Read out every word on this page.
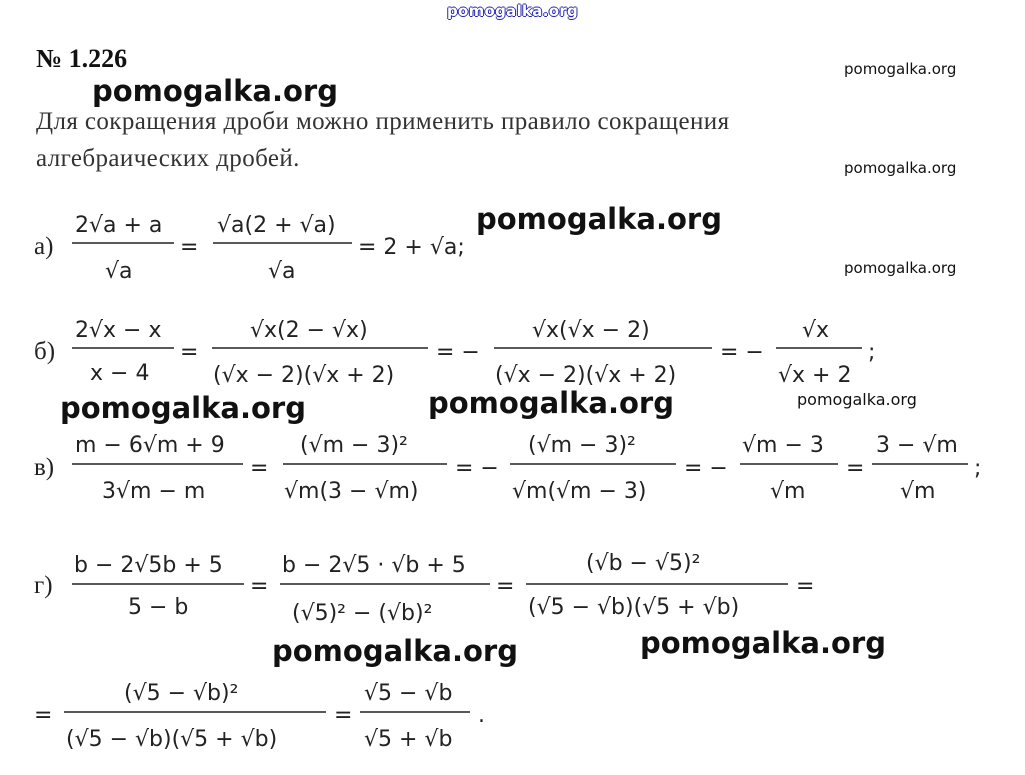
pomogalka.org
№ 1.226
Для сокращения дроби можно применить правило сокращения
алгебраических дробей.
а)
2√a + a
√a
=
√a(2 + √a)
√a
= 2 + √a;
б)
2√x − x
x − 4
=
√x(2 − √x)
(√x − 2)(√x + 2)
= −
√x(√x − 2)
(√x − 2)(√x + 2)
= −
√x
√x + 2
;
в)
m − 6√m + 9
3√m − m
=
(√m − 3)²
√m(3 − √m)
= −
(√m − 3)²
√m(√m − 3)
= −
√m − 3
√m
=
3 − √m
√m
;
г)
b − 2√5b + 5
5 − b
=
b − 2√5 · √b + 5
(√5)² − (√b)²
=
(√b − √5)²
(√5 − √b)(√5 + √b)
=
=
(√5 − √b)²
(√5 − √b)(√5 + √b)
=
√5 − √b
√5 + √b
.
pomogalka.org
pomogalka.org
pomogalka.org
pomogalka.org
pomogalka.org
pomogalka.org	pomogalka.org	pomogalka.org
pomogalka.org
pomogalka.org
